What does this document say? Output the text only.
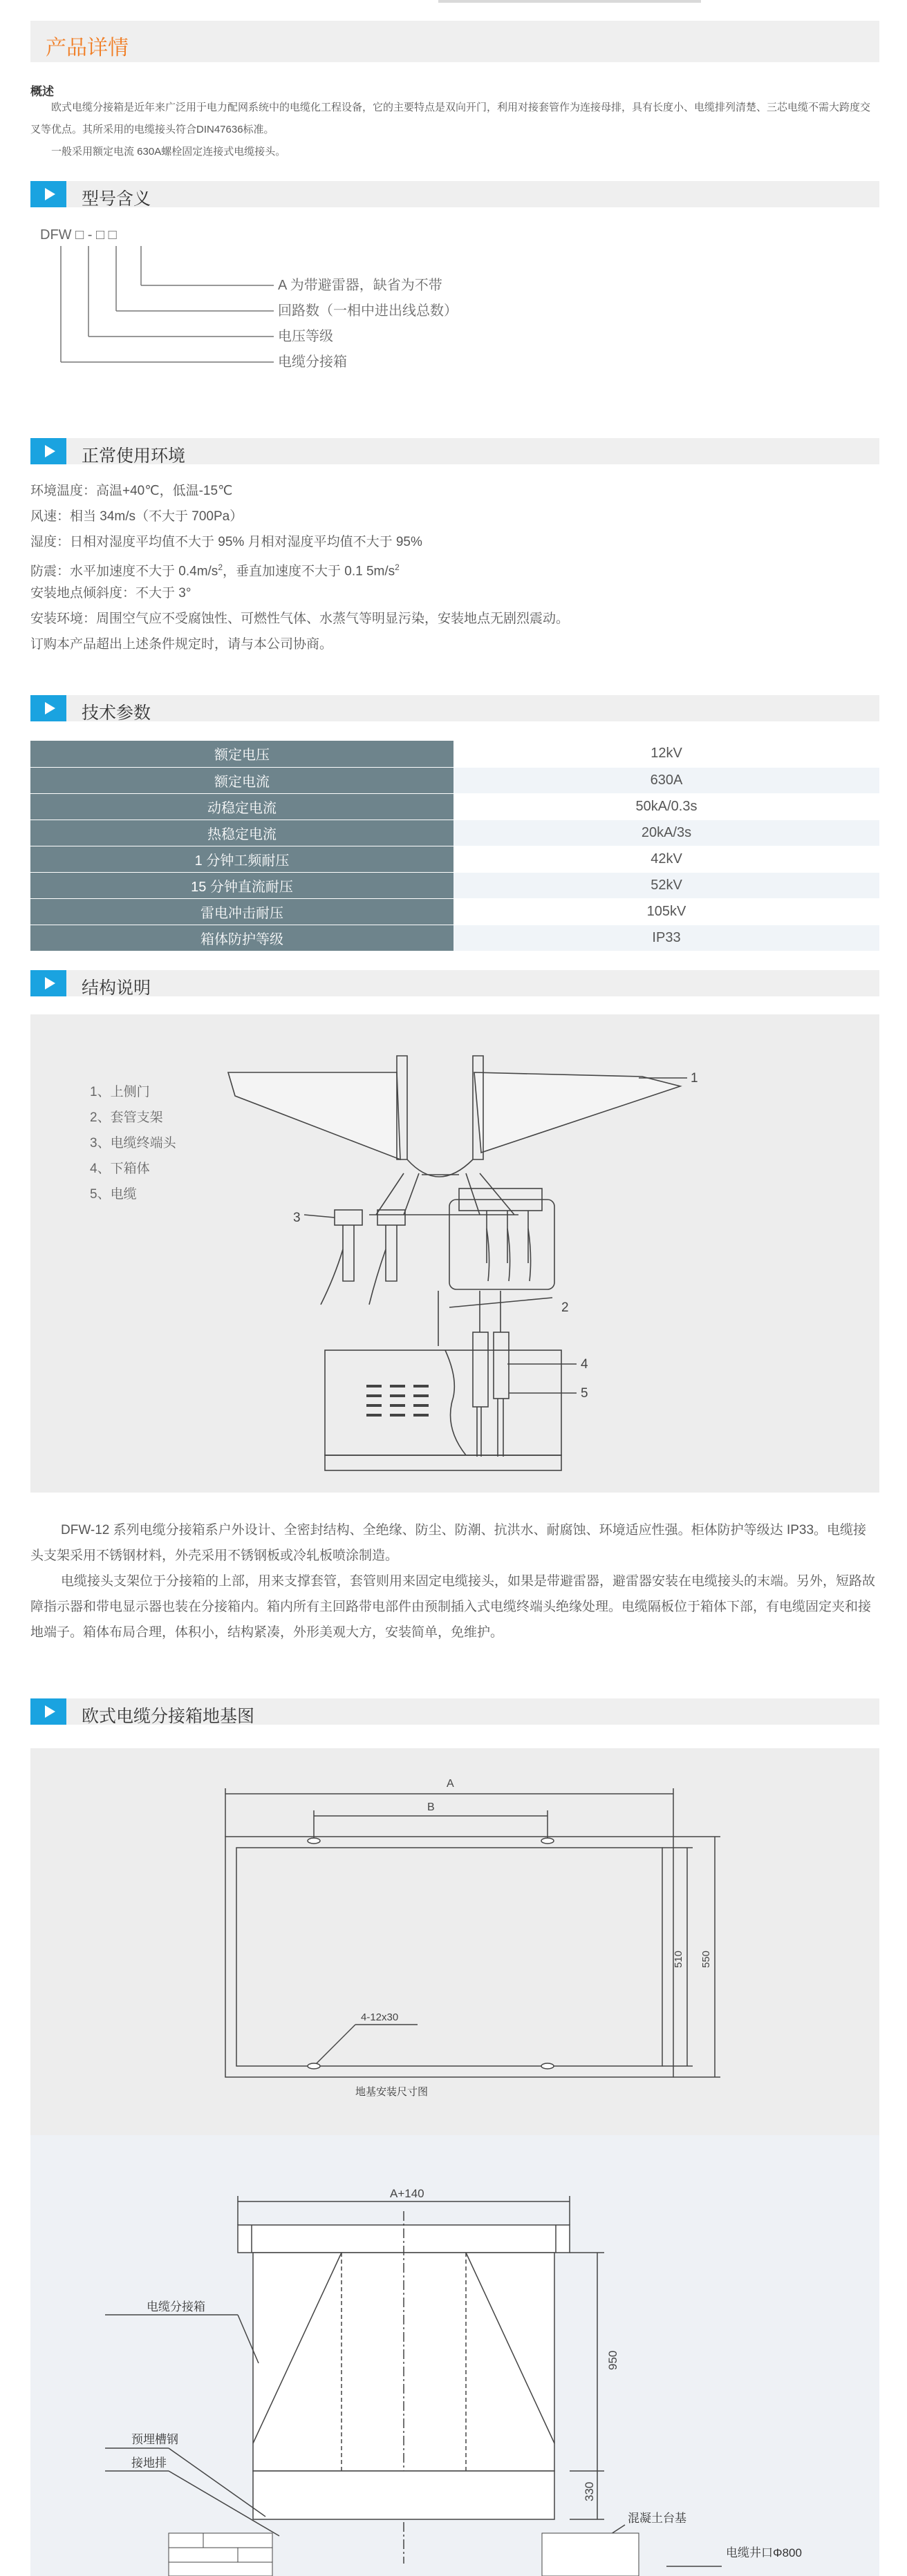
产品详情
概述
欧式电缆分接箱是近年来广泛用于电力配网系统中的电缆化工程设备，它的主要特点是双向开门，利用对接套管作为连接母排，具有长度小、电缆排列清楚、三芯电缆不需大跨度交叉等优点。其所采用的电缆接头符合DIN47636标准。
一般采用额定电流 630A螺栓固定连接式电缆接头。
型号含义
DFW □ - □ □
A 为带避雷器，缺省为不带
回路数（一相中进出线总数）
电压等级
电缆分接箱
正常使用环境
环境温度：高温+40℃，低温-15℃
风速：相当 34m/s（不大于 700Pa）
湿度：日相对湿度平均值不大于 95% 月相对湿度平均值不大于 95%
防震：水平加速度不大于 $0.4m/s^2$，垂直加速度不大于 0.1 $5m/s^2$
安装地点倾斜度：不大于 3°
安装环境：周围空气应不受腐蚀性、可燃性气体、水蒸气等明显污染，安装地点无剧烈震动。
订购本产品超出上述条件规定时，请与本公司协商。
技术参数
额定电压	12kV
额定电流	630A
动稳定电流	50kA/0.3s
热稳定电流	20kA/3s
1 分钟工频耐压	42kV
15 分钟直流耐压	52kV
雷电冲击耐压	105kV
箱体防护等级	IP33
结构说明
1、上侧门
2、套管支架
3、电缆终端头
4、下箱体
5、电缆
1
2
3
4
5
DFW-12 系列电缆分接箱系户外设计、全密封结构、全绝缘、防尘、防潮、抗洪水、耐腐蚀、环境适应性强。柜体防护等级达 IP33。电缆接头支架采用不锈钢材料，外壳采用不锈钢板或冷轧板喷涂制造。
电缆接头支架位于分接箱的上部，用来支撑套管，套管则用来固定电缆接头，如果是带避雷器，避雷器安装在电缆接头的末端。另外，短路故障指示器和带电显示器也装在分接箱内。箱内所有主回路带电部件由预制插入式电缆终端头绝缘处理。电缆隔板位于箱体下部，有电缆固定夹和接地端子。箱体布局合理，体积小，结构紧凑，外形美观大方，安装简单，免维护。
欧式电缆分接箱地基图
A
B
510 550
4-12x30
地基安装尺寸图
A+140
950
330
电缆分接箱
预埋槽钢
接地排
混凝土台基
电缆井口Φ800
